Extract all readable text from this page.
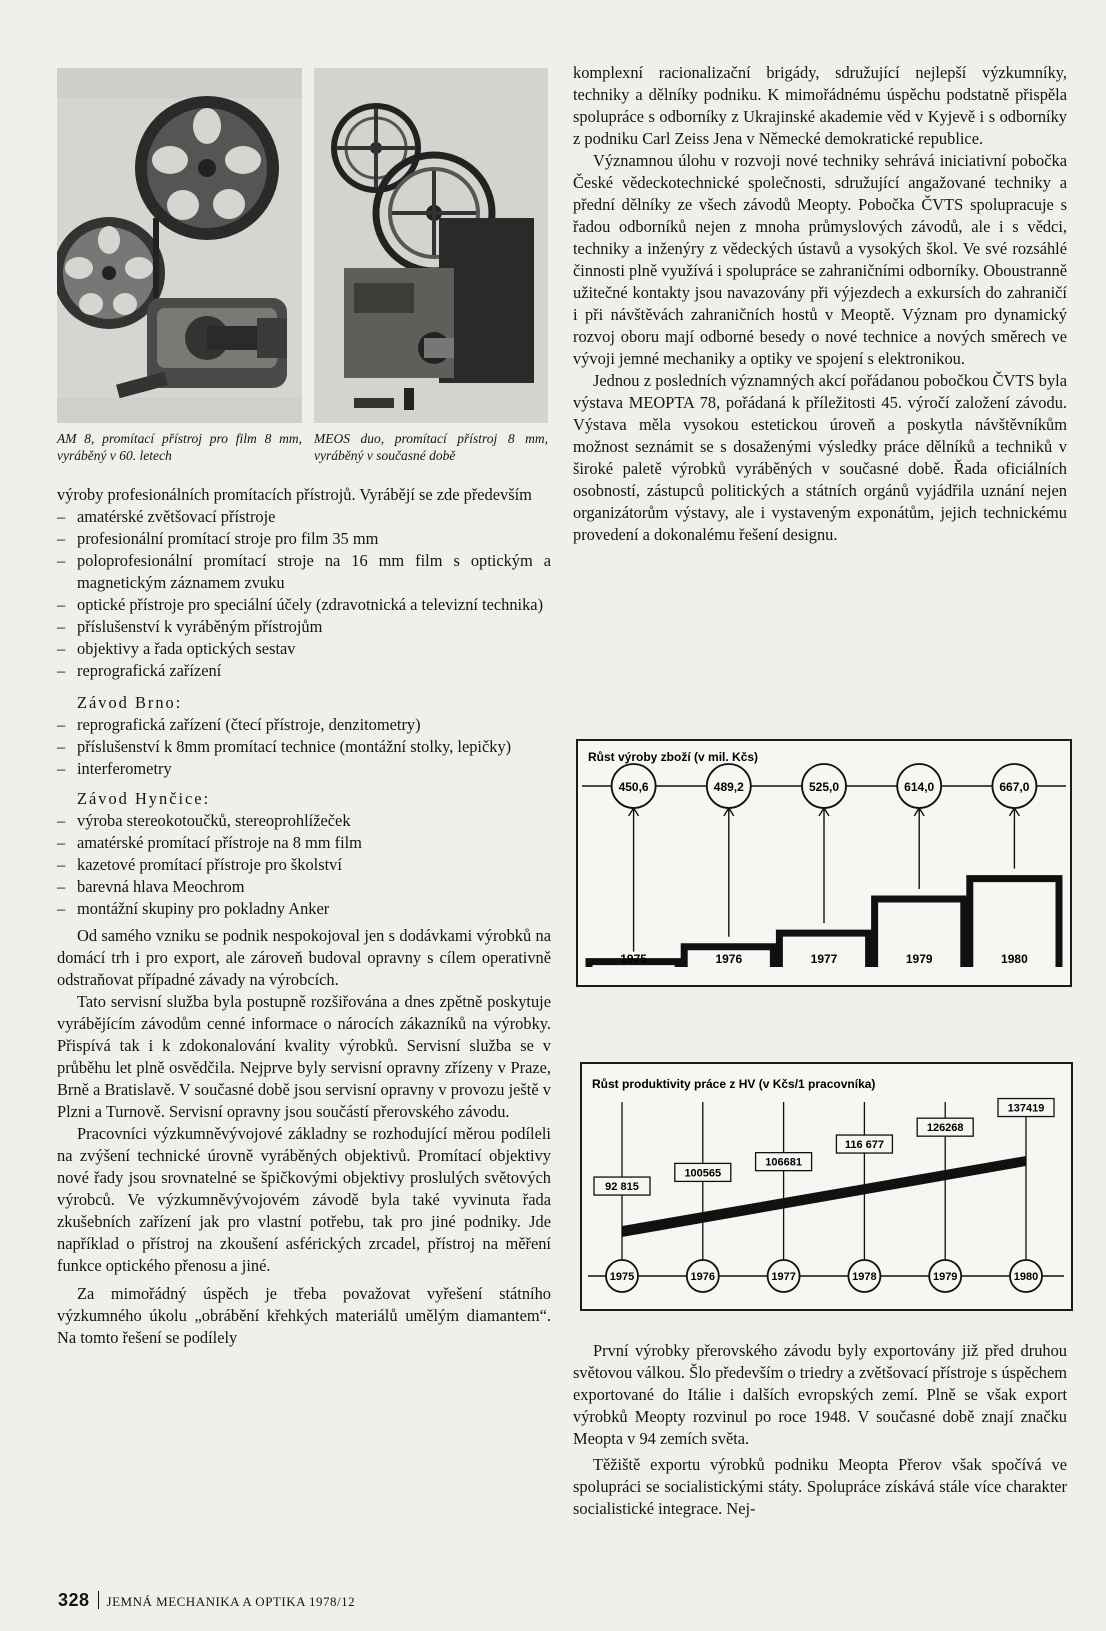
AM 8, promítací přístroj pro film 8 mm, vyráběný v 60. letech
MEOS duo, promítací přístroj 8 mm, vyráběný v současné době

výroby profesionálních promítacích přístrojů. Vyrábějí se zde především

– amatérské zvětšovací přístroje
– profesionální promítací stroje pro film 35 mm
– poloprofesionální promítací stroje na 16 mm film s optickým a magnetickým záznamem zvuku
– optické přístroje pro speciální účely (zdravotnická a televizní technika)
– příslušenství k vyráběným přístrojům
– objektivy a řada optických sestav
– reprografická zařízení
Závod Brno:
– reprografická zařízení (čtecí přístroje, denzitometry)
– příslušenství k 8mm promítací technice (montážní stolky, lepičky)
– interferometry
Závod Hynčice:
– výroba stereokotoučků, stereoprohlížeček
– amatérské promítací přístroje na 8 mm film
– kazetové promítací přístroje pro školství
– barevná hlava Meochrom
– montážní skupiny pro pokladny Anker

Od samého vzniku se podnik nespokojoval jen s dodávkami výrobků na domácí trh i pro export, ale zároveň budoval opravny s cílem operativně odstraňovat případné závady na výrobcích.

Tato servisní služba byla postupně rozšiřována a dnes zpětně poskytuje vyrábějícím závodům cenné informace o nárocích zákazníků na výrobky. Přispívá tak i k zdokonalování kvality výrobků. Servisní služba se v průběhu let plně osvědčila. Nejprve byly servisní opravny zřízeny v Praze, Brně a Bratislavě. V současné době jsou servisní opravny v provozu ještě v Plzni a Turnově. Servisní opravny jsou součástí přerovského závodu.

Pracovníci výzkumněvývojové základny se rozhodující měrou podíleli na zvýšení technické úrovně vyráběných objektivů. Promítací objektivy nové řady jsou srovnatelné se špičkovými objektivy proslulých světových výrobců. Ve výzkumněvývojovém závodě byla také vyvinuta řada zkušebních zařízení jak pro vlastní potřebu, tak pro jiné podniky. Jde například o přístroj na zkoušení asférických zrcadel, přístroj na měření funkce optického přenosu a jiné.

Za mimořádný úspěch je třeba považovat vyřešení státního výzkumného úkolu „obrábění křehkých materiálů umělým diamantem“. Na tomto řešení se podílely

komplexní racionalizační brigády, sdružující nejlepší výzkumníky, techniky a dělníky podniku. K mimořádnému úspěchu podstatně přispěla spolupráce s odborníky z Ukrajinské akademie věd v Kyjevě i s odborníky z podniku Carl Zeiss Jena v Německé demokratické republice.

Významnou úlohu v rozvoji nové techniky sehrává iniciativní pobočka České vědeckotechnické společnosti, sdružující angažované techniky a přední dělníky ze všech závodů Meopty. Pobočka ČVTS spolupracuje s řadou odborníků nejen z mnoha průmyslových závodů, ale i s vědci, techniky a inženýry z vědeckých ústavů a vysokých škol. Ve své rozsáhlé činnosti plně využívá i spolupráce se zahraničními odborníky. Oboustranně užitečné kontakty jsou navazovány při výjezdech a exkursích do zahraničí i při návštěvách zahraničních hostů v Meoptě. Význam pro dynamický rozvoj oboru mají odborné besedy o nové technice a nových směrech ve vývoji jemné mechaniky a optiky ve spojení s elektronikou.

Jednou z posledních významných akcí pořádanou pobočkou ČVTS byla výstava MEOPTA 78, pořádaná k příležitosti 45. výročí založení závodu. Výstava měla vysokou estetickou úroveň a poskytla návštěvníkům možnost seznámit se s dosaženými výsledky práce dělníků a techniků v široké paletě výrobků vyráběných v současné době. Řada oficiálních osobností, zástupců politických a státních orgánů vyjádřila uznání nejen organizátorům výstavy, ale i vystaveným exponátům, jejich technickému provedení a dokonalému řešení designu.

Růst výroby zboží (v mil. Kčs)
450,6
1975
489,2
1976
525,0
1977
614,0
1979
667,0
1980
Růst produktivity práce z HV (v Kčs/1 pracovníka)
92 815
1975
100565
1976
106681
1977
116 677
1978
126268
1979
137419
1980

První výrobky přerovského závodu byly exportovány již před druhou světovou válkou. Šlo především o triedry a zvětšovací přístroje s úspěchem exportované do Itálie i dalších evropských zemí. Plně se však export výrobků Meopty rozvinul po roce 1948. V současné době znají značku Meopta v 94 zemích světa.

Těžiště exportu výrobků podniku Meopta Přerov však spočívá ve spolupráci se socialistickými státy. Spolupráce získává stále více charakter socialistické integrace. Nej-

328 JEMNÁ MECHANIKA A OPTIKA 1978/12
